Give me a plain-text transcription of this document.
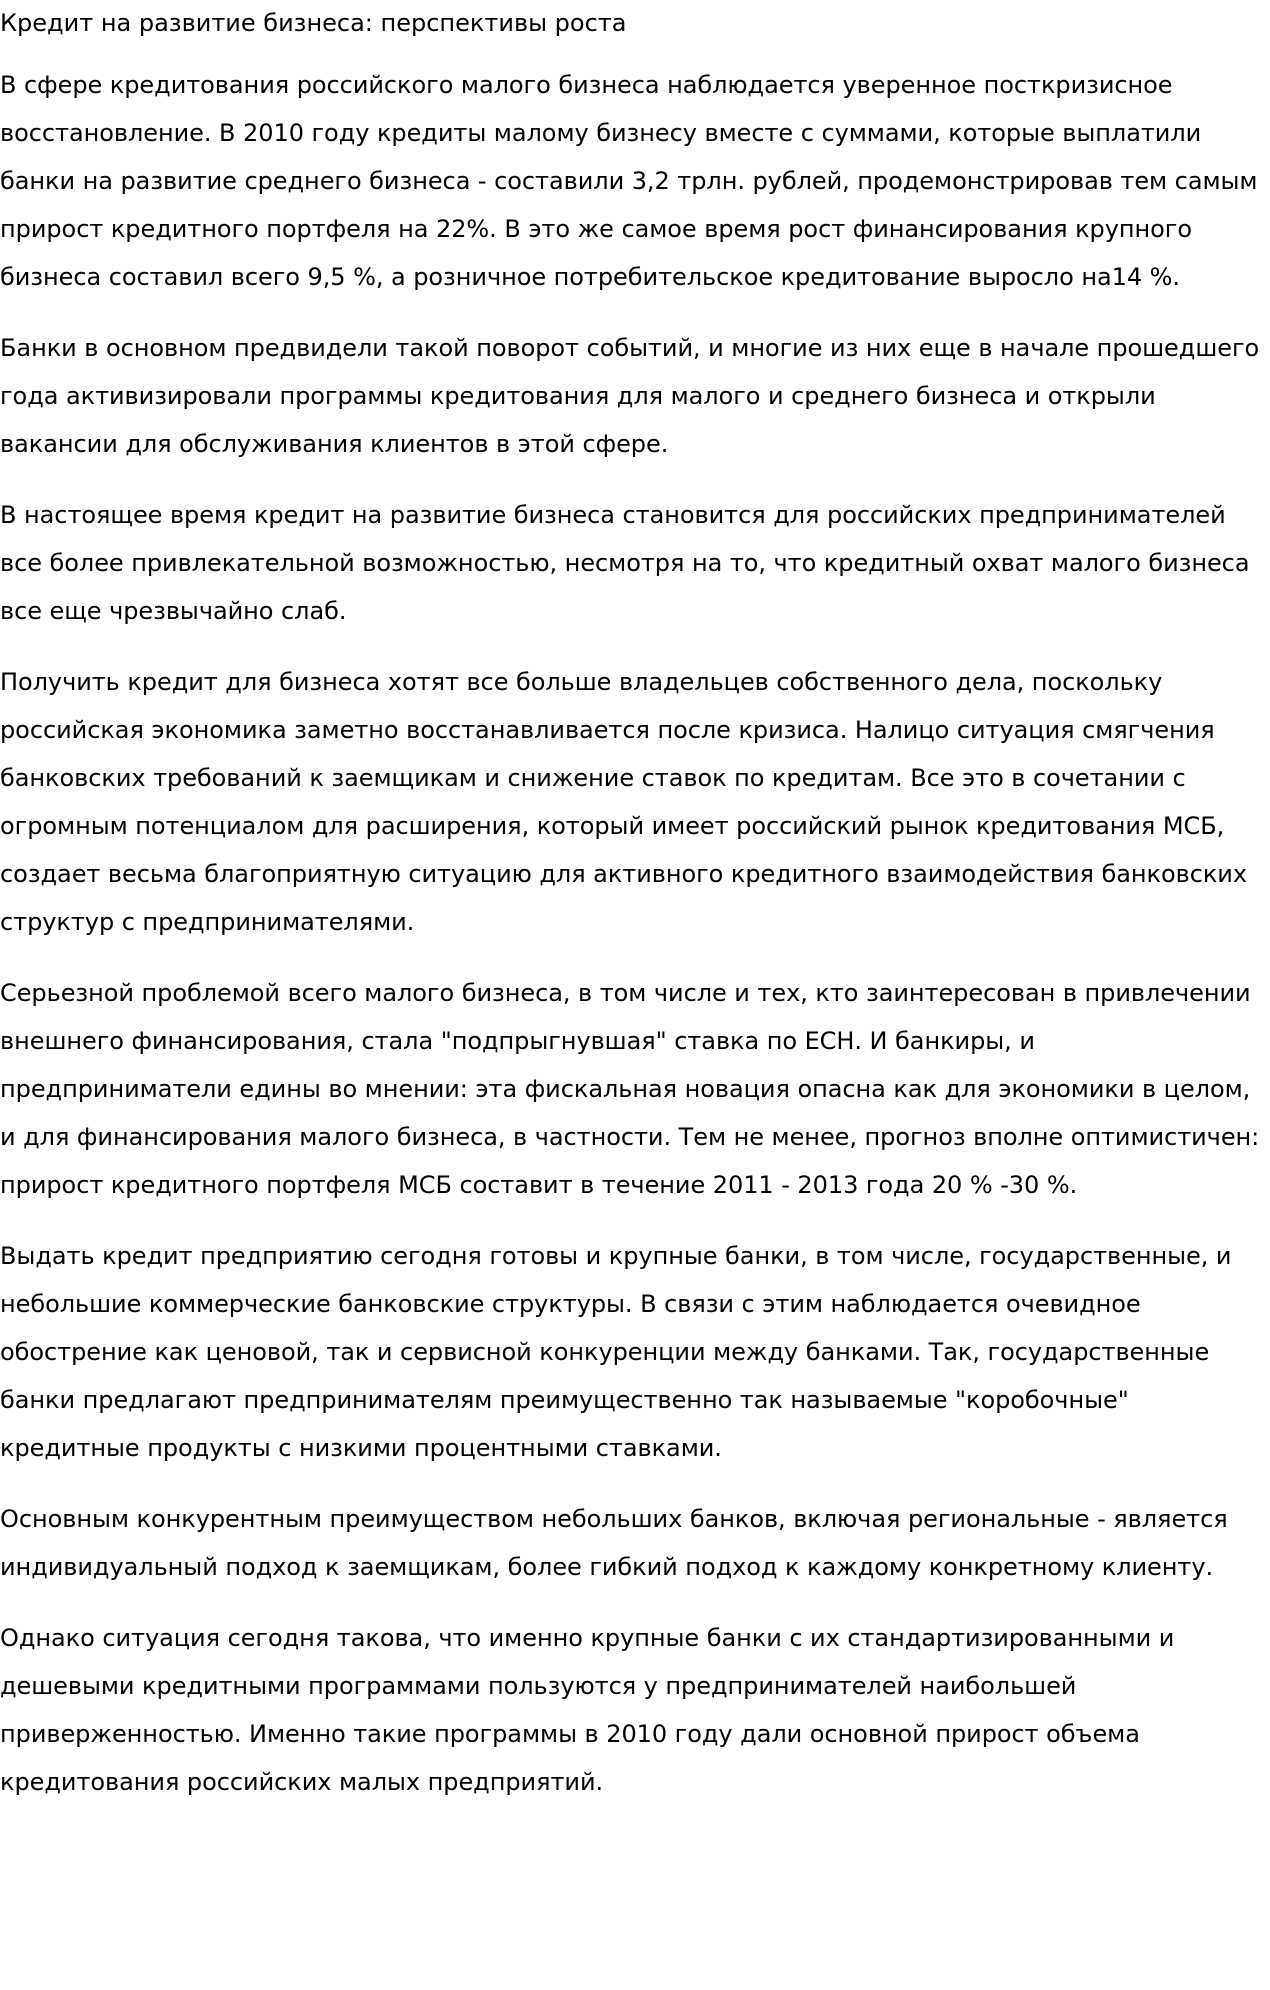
Кредит на развитие бизнеса: перспективы роста

В сфере кредитования российского малого бизнеса наблюдается уверенное посткризисное восстановление. В 2010 году кредиты малому бизнесу вместе с суммами, которые выплатили банки на развитие среднего бизнеса - составили 3,2 трлн. рублей, продемонстрировав тем самым прирост кредитного портфеля на 22%. В это же самое время рост финансирования крупного бизнеса составил всего 9,5 %, а розничное потребительское кредитование выросло на14 %.

Банки в основном предвидели такой поворот событий, и многие из них еще в начале прошедшего года активизировали программы кредитования для малого и среднего бизнеса и открыли вакансии для обслуживания клиентов в этой сфере.

В настоящее время кредит на развитие бизнеса становится для российских предпринимателей все более привлекательной возможностью, несмотря на то, что кредитный охват малого бизнеса все еще чрезвычайно слаб.

Получить кредит для бизнеса хотят все больше владельцев собственного дела, поскольку российская экономика заметно восстанавливается после кризиса. Налицо ситуация смягчения банковских требований к заемщикам и снижение ставок по кредитам. Все это в сочетании с огромным потенциалом для расширения, который имеет российский рынок кредитования МСБ, создает весьма благоприятную ситуацию для активного кредитного взаимодействия банковских структур с предпринимателями.

Серьезной проблемой всего малого бизнеса, в том числе и тех, кто заинтересован в привлечении внешнего финансирования, стала "подпрыгнувшая" ставка по ЕСН. И банкиры, и предприниматели едины во мнении: эта фискальная новация опасна как для экономики в целом, и для финансирования малого бизнеса, в частности. Тем не менее, прогноз вполне оптимистичен: прирост кредитного портфеля МСБ составит в течение 2011 - 2013 года 20 % -30 %.

Выдать кредит предприятию сегодня готовы и крупные банки, в том числе, государственные, и небольшие коммерческие банковские структуры. В связи с этим наблюдается очевидное обострение как ценовой, так и сервисной конкуренции между банками. Так, государственные банки предлагают предпринимателям преимущественно так называемые "коробочные" кредитные продукты с низкими процентными ставками.

Основным конкурентным преимуществом небольших банков, включая региональные - является индивидуальный подход к заемщикам, более гибкий подход к каждому конкретному клиенту.

Однако ситуация сегодня такова, что именно крупные банки с их стандартизированными и дешевыми кредитными программами пользуются у предпринимателей наибольшей приверженностью. Именно такие программы в 2010 году дали основной прирост объема кредитования российских малых предприятий.
